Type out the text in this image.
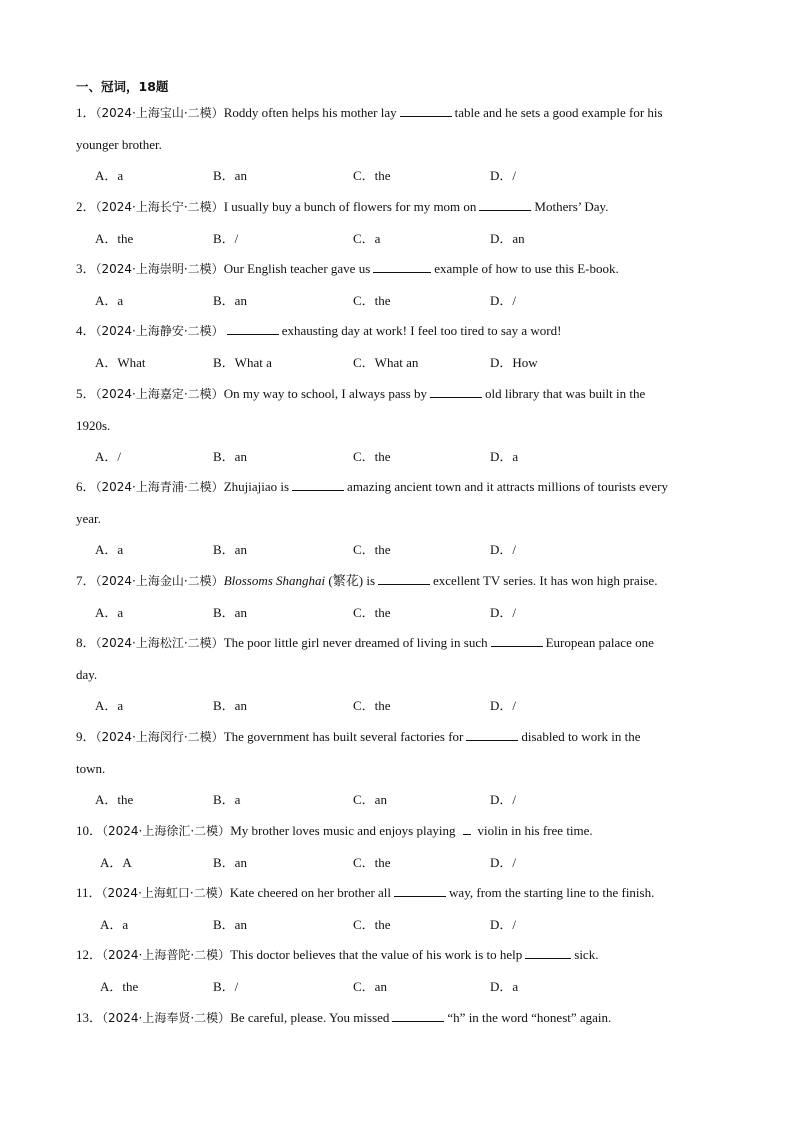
一、冠词，18题
1．（2024·上海宝山·二模）Roddy often helps his mother lay	table and he sets a good example for his
younger brother.
A．a	B．an	C．the	D．/
2．（2024·上海长宁·二模）I usually buy a bunch of flowers for my mom on	Mothers’ Day.
A．the	B．/	C．a	D．an
3．（2024·上海崇明·二模）Our English teacher gave us	example of how to use this E-book.
A．a	B．an	C．the	D．/
4．（2024·上海静安·二模）	exhausting day at work! I feel too tired to say a word!
A．What	B．What a	C．What an	D．How
5．（2024·上海嘉定·二模）On my way to school, I always pass by	old library that was built in the
1920s.
A．/	B．an	C．the	D．a
6．（2024·上海青浦·二模）Zhujiajiao is	amazing ancient town and it attracts millions of tourists every
year.
A．a	B．an	C．the	D．/
7．（2024·上海金山·二模）Blossoms Shanghai (繁花) is	excellent TV series. It has won high praise.
A．a	B．an	C．the	D．/
8．（2024·上海松江·二模）The poor little girl never dreamed of living in such	European palace one
day.
A．a	B．an	C．the	D．/
9．（2024·上海闵行·二模）The government has built several factories for	disabled to work in the
town.
A．the	B．a	C．an	D．/
10．（2024·上海徐汇·二模）My brother loves music and enjoys playing violin in his free time.
A．A	B．an	C．the	D．/
11．（2024·上海虹口·二模）Kate cheered on her brother all	way, from the starting line to the finish.
A．a	B．an	C．the	D．/
12．（2024·上海普陀·二模）This doctor believes that the value of his work is to help	sick.
A．the	B．/	C．an	D．a
13．（2024·上海奉贤·二模）Be careful, please. You missed	“h” in the word “honest” again.
